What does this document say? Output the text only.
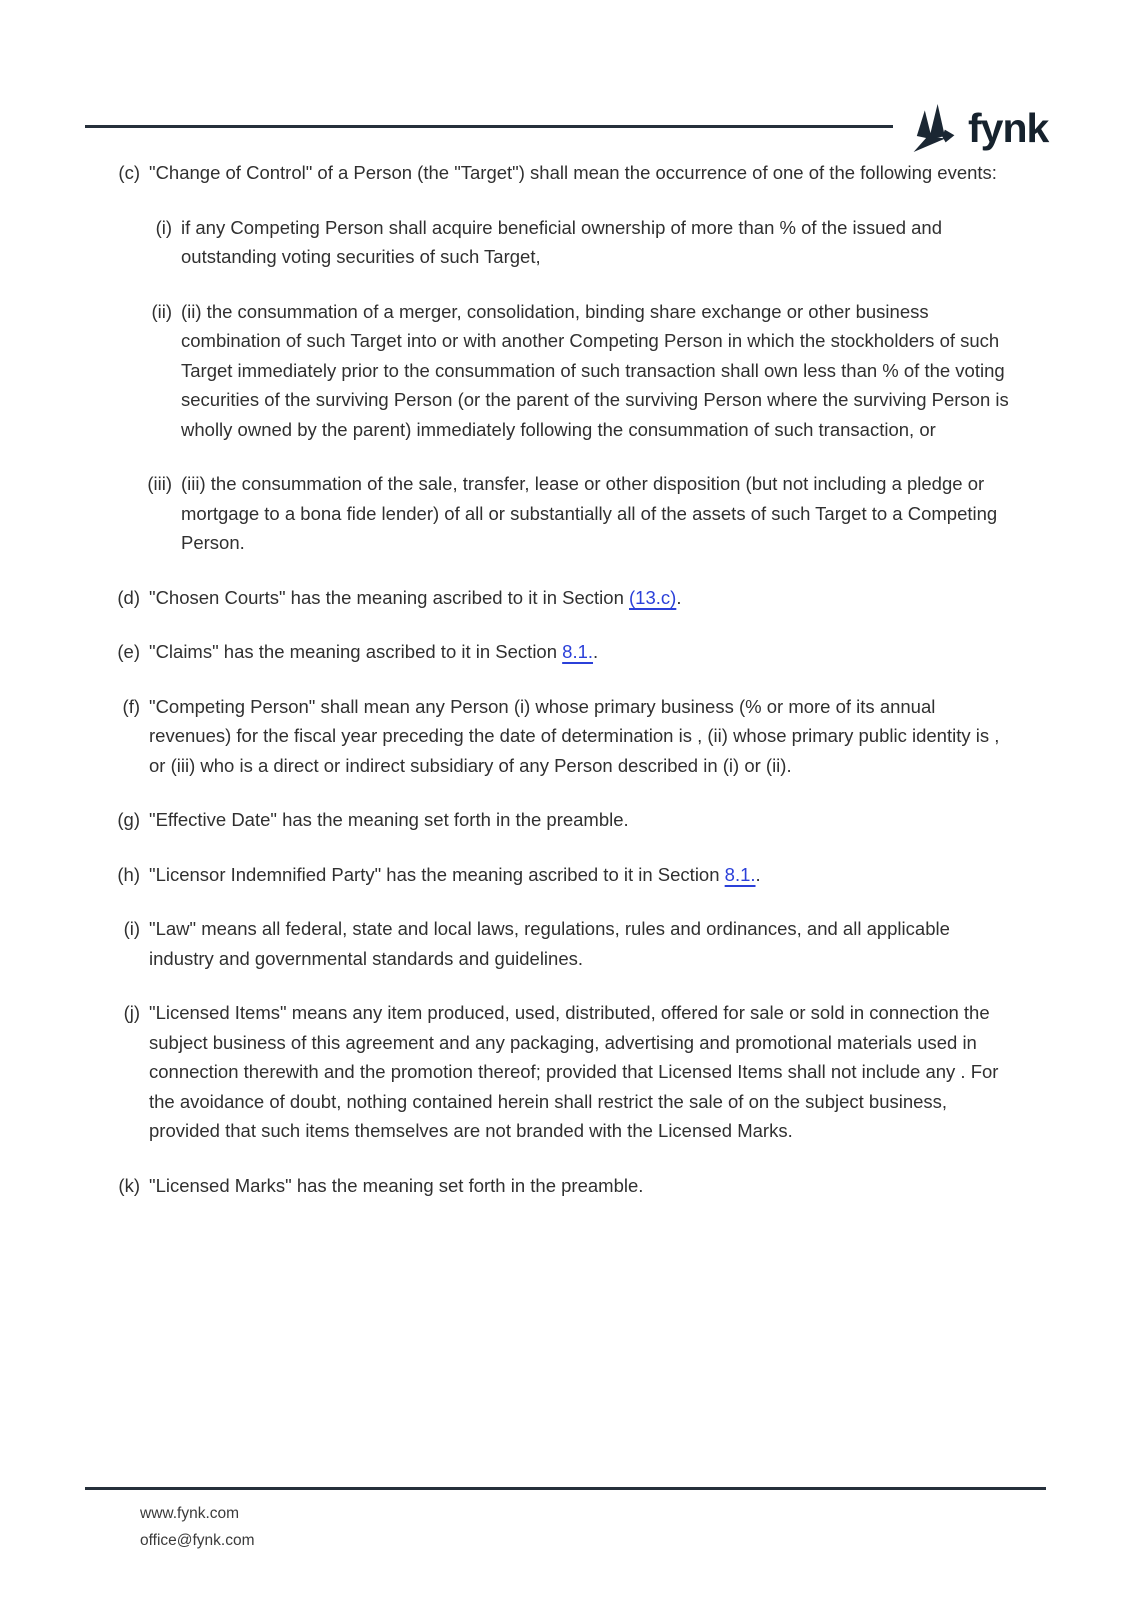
fynk
(c) "Change of Control" of a Person (the "Target") shall mean the occurrence of one of the following events:
(i) if any Competing Person shall acquire beneficial ownership of more than % of the issued and outstanding voting securities of such Target,
(ii) (ii) the consummation of a merger, consolidation, binding share exchange or other business combination of such Target into or with another Competing Person in which the stockholders of such Target immediately prior to the consummation of such transaction shall own less than % of the voting securities of the surviving Person (or the parent of the surviving Person where the surviving Person is wholly owned by the parent) immediately following the consummation of such transaction, or
(iii) (iii) the consummation of the sale, transfer, lease or other disposition (but not including a pledge or mortgage to a bona fide lender) of all or substantially all of the assets of such Target to a Competing Person.
(d) "Chosen Courts" has the meaning ascribed to it in Section (13.c).
(e) "Claims" has the meaning ascribed to it in Section 8.1..
(f) "Competing Person" shall mean any Person (i) whose primary business (% or more of its annual revenues) for the fiscal year preceding the date of determination is , (ii) whose primary public identity is , or (iii) who is a direct or indirect subsidiary of any Person described in (i) or (ii).
(g) "Effective Date" has the meaning set forth in the preamble.
(h) "Licensor Indemnified Party" has the meaning ascribed to it in Section 8.1..
(i) "Law" means all federal, state and local laws, regulations, rules and ordinances, and all applicable industry and governmental standards and guidelines.
(j) "Licensed Items" means any item produced, used, distributed, offered for sale or sold in connection the subject business of this agreement and any packaging, advertising and promotional materials used in connection therewith and the promotion thereof; provided that Licensed Items shall not include any . For the avoidance of doubt, nothing contained herein shall restrict the sale of on the subject business, provided that such items themselves are not branded with the Licensed Marks.
(k) "Licensed Marks" has the meaning set forth in the preamble.
www.fynk.com
office@fynk.com
